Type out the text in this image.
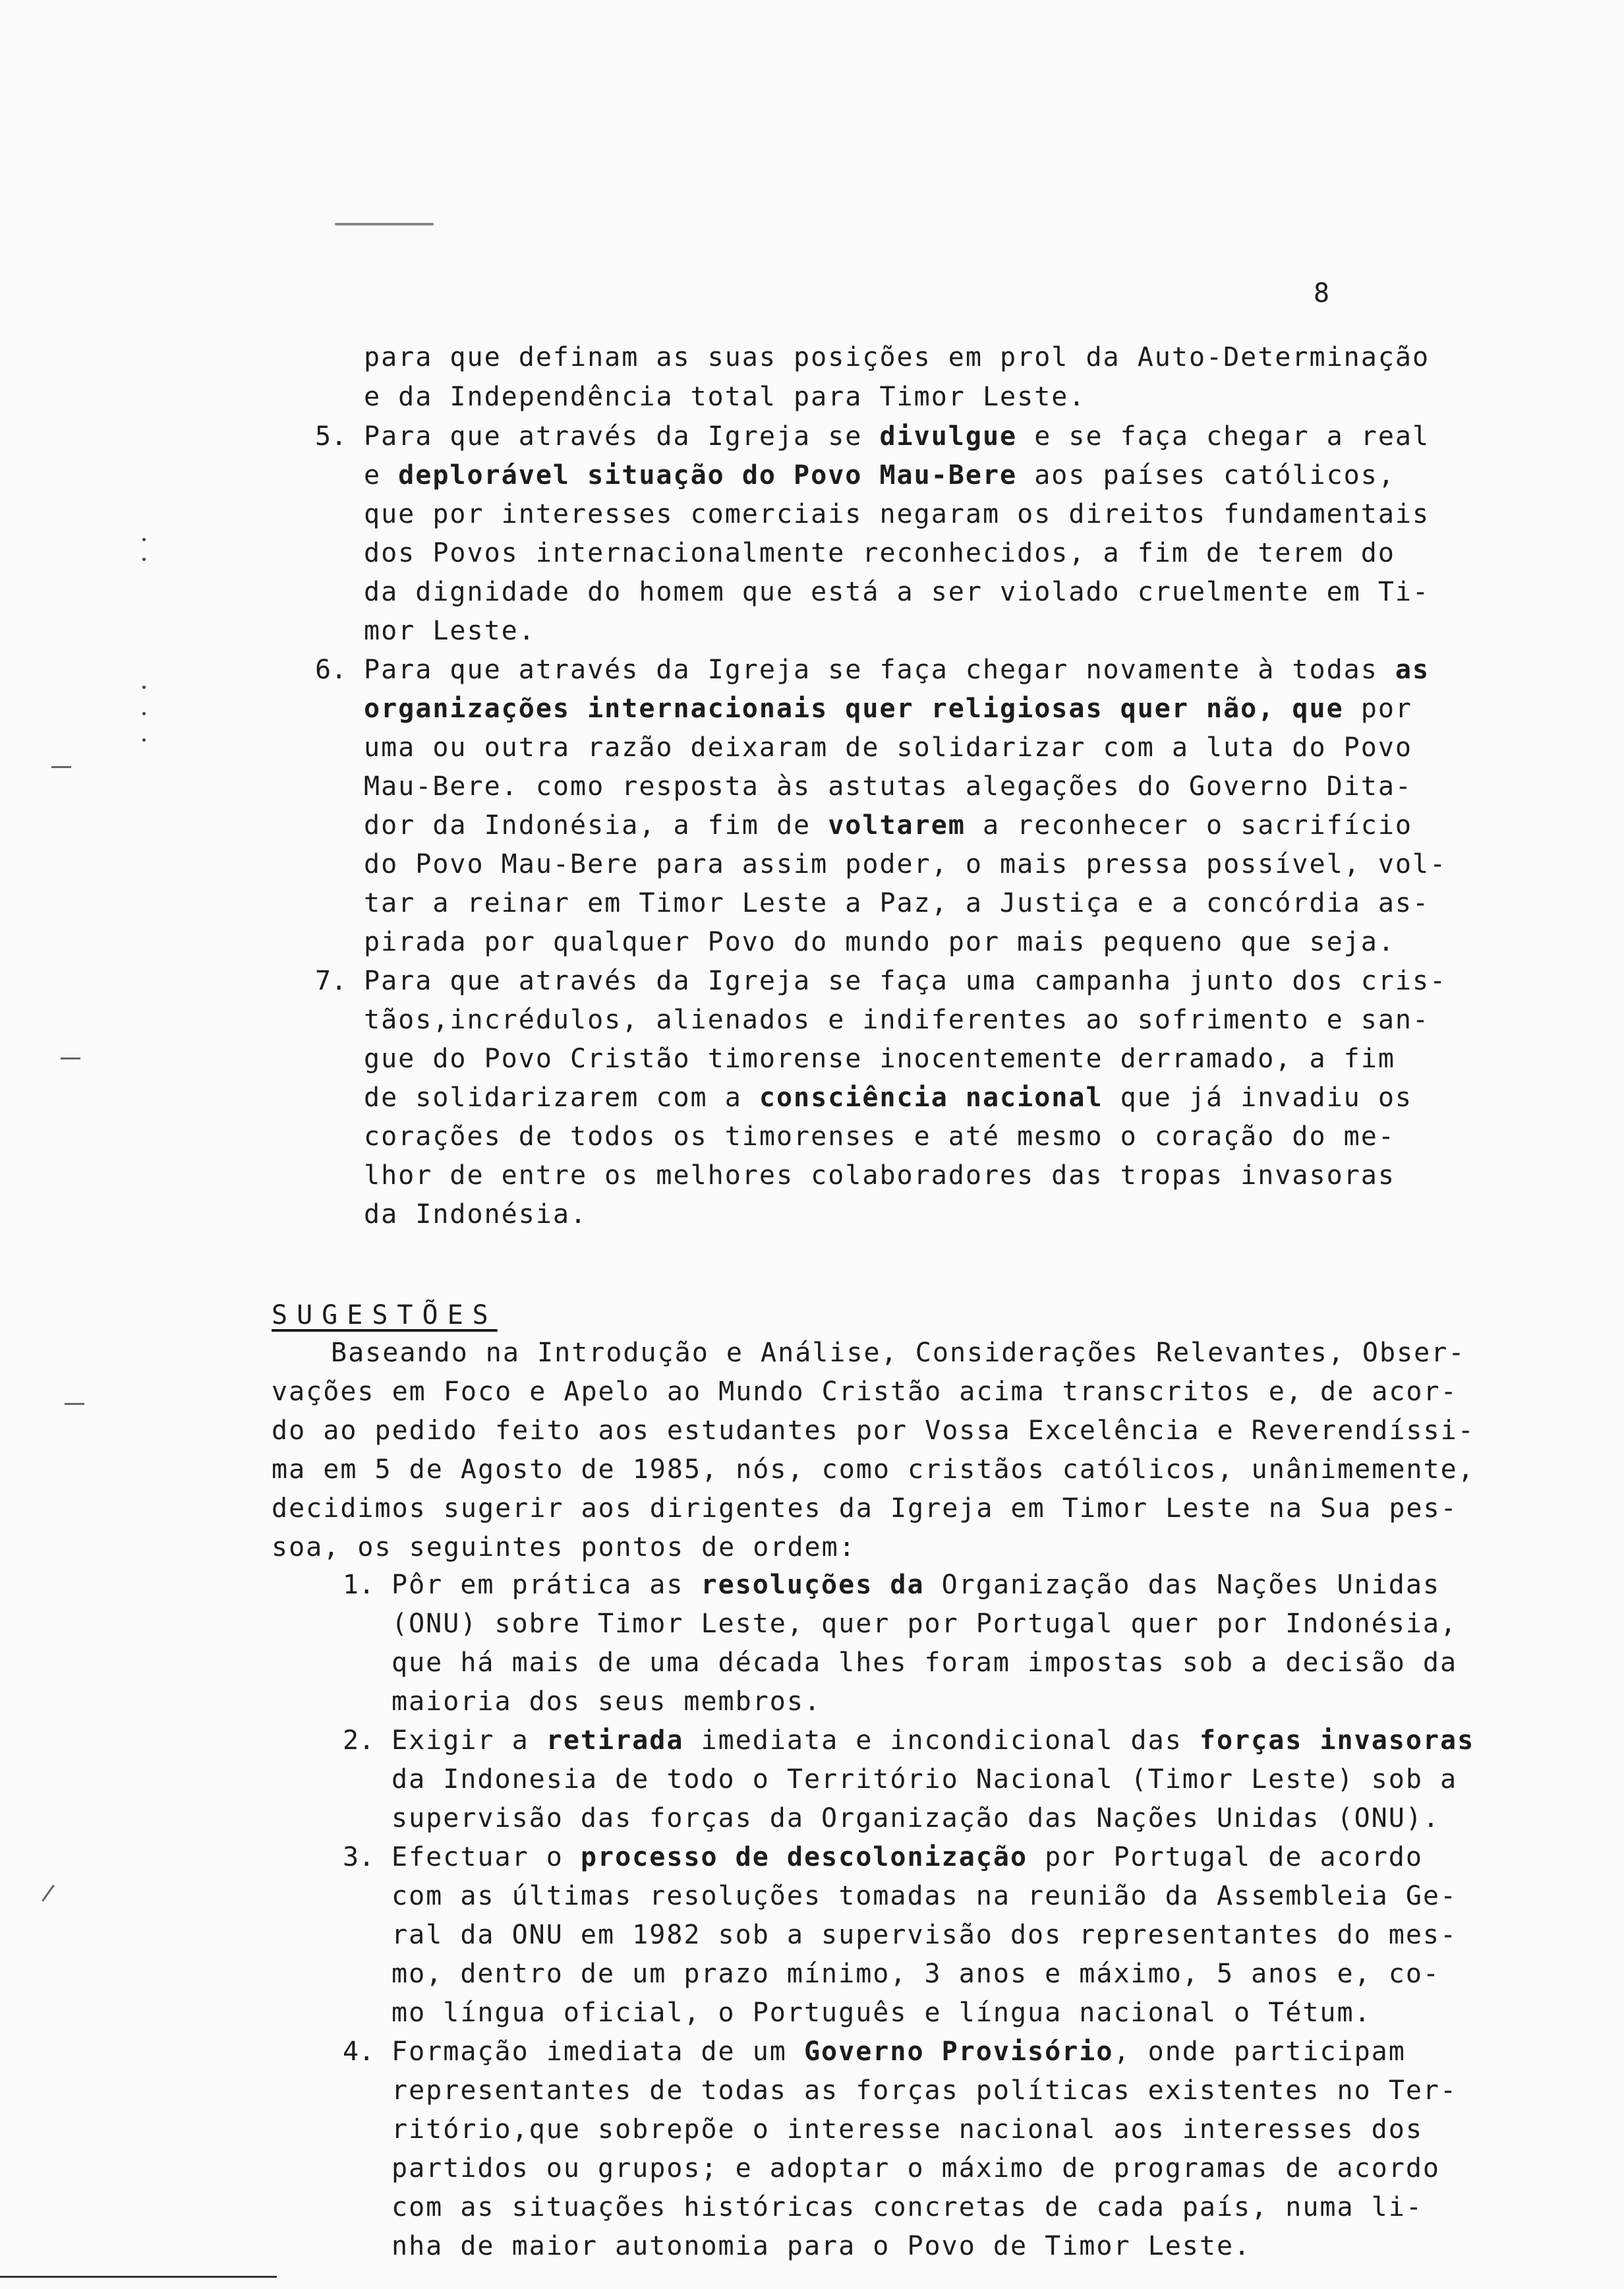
8
para que definam as suas posições em prol da Auto-Determinação
e da Independência total para Timor Leste.
5. Para que através da Igreja se divulgue e se faça chegar a real
e deplorável situação do Povo Mau-Bere aos países católicos,
que por interesses comerciais negaram os direitos fundamentais
dos Povos internacionalmente reconhecidos, a fim de terem do
da dignidade do homem que está a ser violado cruelmente em Ti-
mor Leste.
6. Para que através da Igreja se faça chegar novamente à todas as
organizações internacionais quer religiosas quer não, que por
uma ou outra razão deixaram de solidarizar com a luta do Povo
Mau-Bere. como resposta às astutas alegações do Governo Dita-
dor da Indonésia, a fim de voltarem a reconhecer o sacrifício
do Povo Mau-Bere para assim poder, o mais pressa possível, vol-
tar a reinar em Timor Leste a Paz, a Justiça e a concórdia as-
pirada por qualquer Povo do mundo por mais pequeno que seja.
7. Para que através da Igreja se faça uma campanha junto dos cris-
tãos,incrédulos, alienados e indiferentes ao sofrimento e san-
gue do Povo Cristão timorense inocentemente derramado, a fim
de solidarizarem com a consciência nacional que já invadiu os
corações de todos os timorenses e até mesmo o coração do me-
lhor de entre os melhores colaboradores das tropas invasoras
da Indonésia.
SUGESTÕES
Baseando na Introdução e Análise, Considerações Relevantes, Obser-
vações em Foco e Apelo ao Mundo Cristão acima transcritos e, de acor-
do ao pedido feito aos estudantes por Vossa Excelência e Reverendíssi-
ma em 5 de Agosto de 1985, nós, como cristãos católicos, unânimemente,
decidimos sugerir aos dirigentes da Igreja em Timor Leste na Sua pes-
soa, os seguintes pontos de ordem:
1. Pôr em prática as resoluções da Organização das Nações Unidas
(ONU) sobre Timor Leste, quer por Portugal quer por Indonésia,
que há mais de uma década lhes foram impostas sob a decisão da
maioria dos seus membros.
2. Exigir a retirada imediata e incondicional das forças invasoras
da Indonesia de todo o Território Nacional (Timor Leste) sob a
supervisão das forças da Organização das Nações Unidas (ONU).
3. Efectuar o processo de descolonização por Portugal de acordo
com as últimas resoluções tomadas na reunião da Assembleia Ge-
ral da ONU em 1982 sob a supervisão dos representantes do mes-
mo, dentro de um prazo mínimo, 3 anos e máximo, 5 anos e, co-
mo língua oficial, o Português e língua nacional o Tétum.
4. Formação imediata de um Governo Provisório, onde participam
representantes de todas as forças políticas existentes no Ter-
ritório,que sobrepõe o interesse nacional aos interesses dos
partidos ou grupos; e adoptar o máximo de programas de acordo
com as situações históricas concretas de cada país, numa li-
nha de maior autonomia para o Povo de Timor Leste.
